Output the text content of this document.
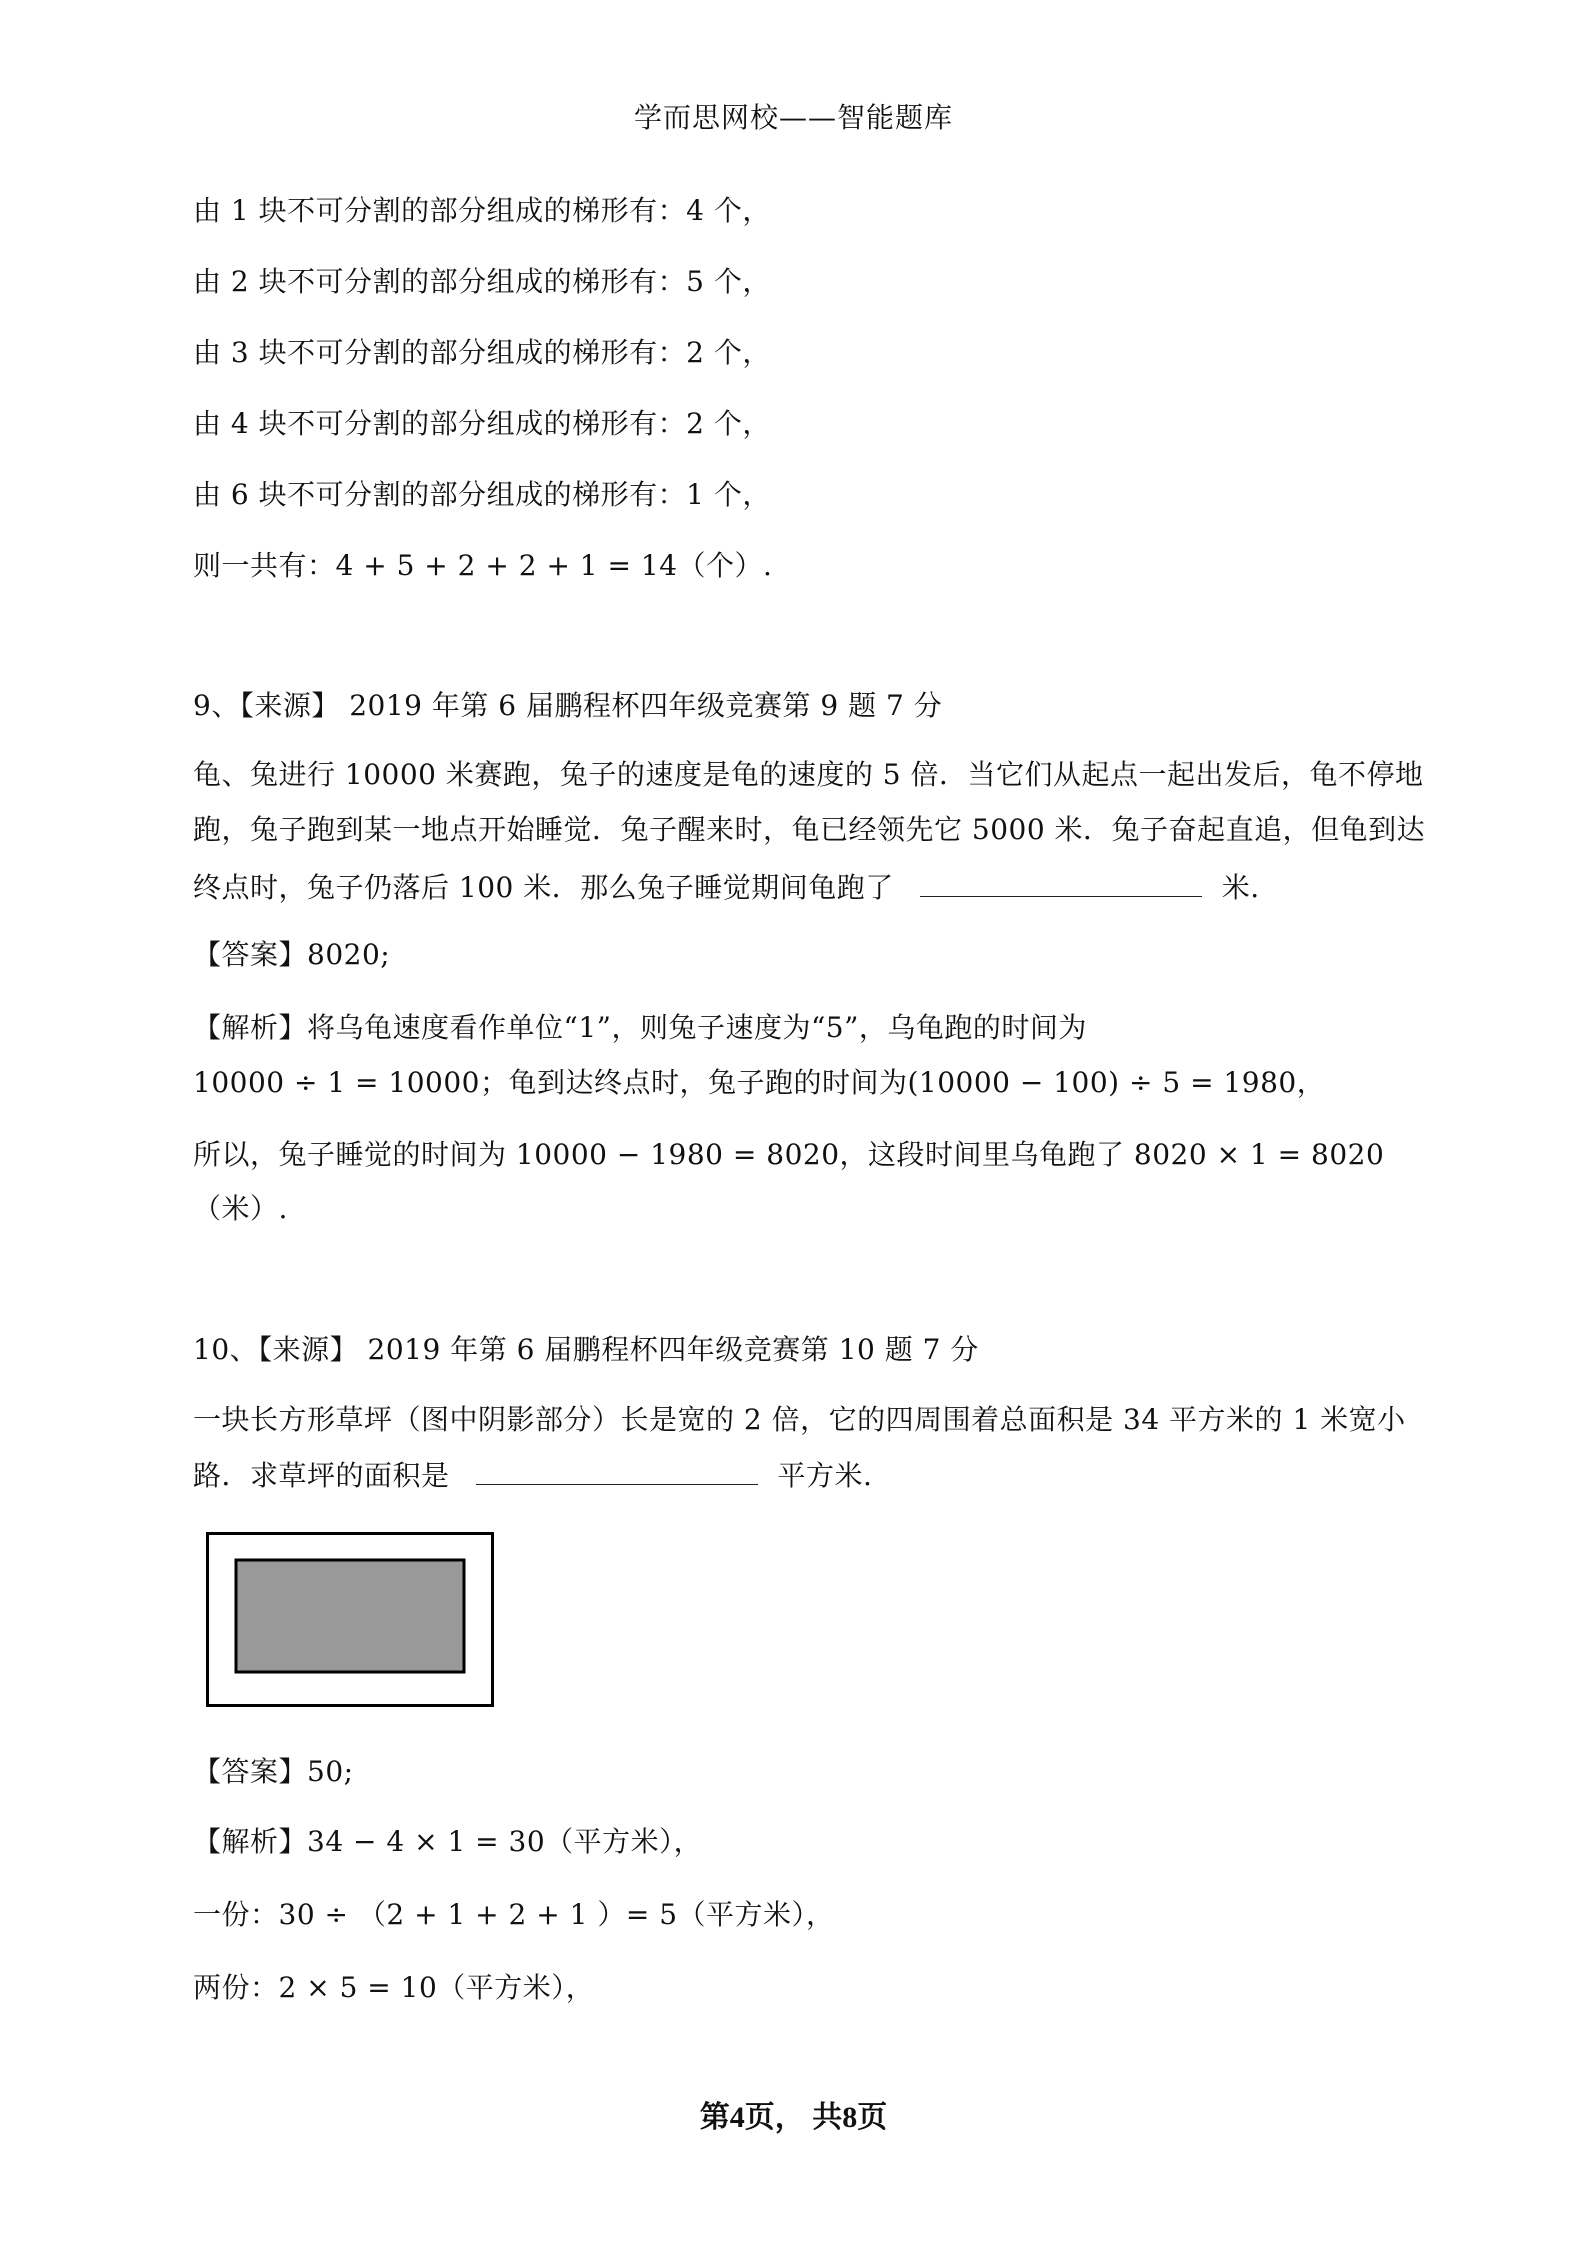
学而思网校——智能题库
由 1 块不可分割的部分组成的梯形有：4 个，
由 2 块不可分割的部分组成的梯形有：5 个，
由 3 块不可分割的部分组成的梯形有：2 个，
由 4 块不可分割的部分组成的梯形有：2 个，
由 6 块不可分割的部分组成的梯形有：1 个，
则一共有：4 + 5 + 2 + 2 + 1 = 14（个）.
9、【来源】 2019 年第 6 届鹏程杯四年级竞赛第 9 题 7 分
龟、兔进行 10000 米赛跑，兔子的速度是龟的速度的 5 倍．当它们从起点一起出发后，龟不停地
跑，兔子跑到某一地点开始睡觉．兔子醒来时，龟已经领先它 5000 米．兔子奋起直追，但龟到达
终点时，兔子仍落后 100 米．那么兔子睡觉期间龟跑了	米.
【答案】8020;
【解析】将乌龟速度看作单位“1”，则兔子速度为“5”，乌龟跑的时间为
10000 ÷ 1 = 10000；龟到达终点时，兔子跑的时间为(10000 − 100) ÷ 5 = 1980，
所以，兔子睡觉的时间为 10000 − 1980 = 8020，这段时间里乌龟跑了 8020 × 1 = 8020
（米）.
10、【来源】 2019 年第 6 届鹏程杯四年级竞赛第 10 题 7 分
一块长方形草坪（图中阴影部分）长是宽的 2 倍，它的四周围着总面积是 34 平方米的 1 米宽小
路．求草坪的面积是	平方米.
【答案】50;
【解析】34 − 4 × 1 = 30（平方米），
一份：30 ÷ （2 + 1 + 2 + 1 ）= 5（平方米），
两份：2 × 5 = 10（平方米），
第4页， 共8页
